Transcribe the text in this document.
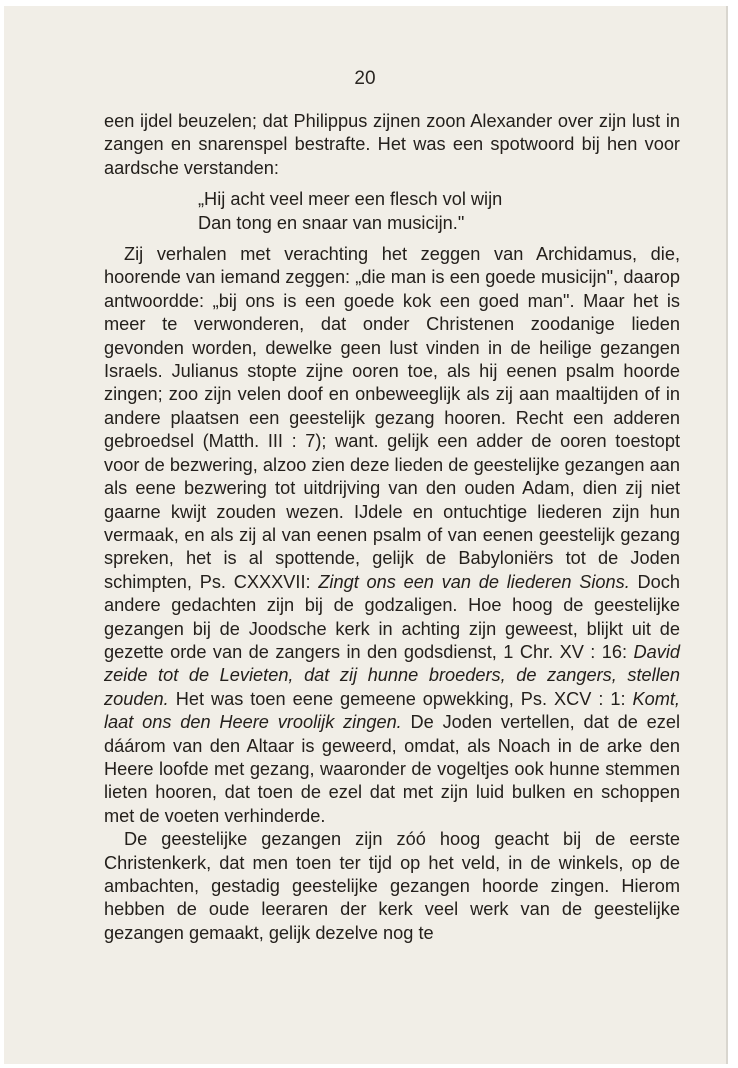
20

een ijdel beuzelen; dat Philippus zijnen zoon Alexander over zijn lust in zangen en snarenspel bestrafte. Het was een spotwoord bij hen voor aardsche verstanden:

„Hij acht veel meer een flesch vol wijn
Dan tong en snaar van musicijn."

Zij verhalen met verachting het zeggen van Archidamus, die, hoorende van iemand zeggen: „die man is een goede musicijn", daarop antwoordde: „bij ons is een goede kok een goed man". Maar het is meer te verwonderen, dat onder Christenen zoodanige lieden gevonden worden, dewelke geen lust vinden in de heilige gezangen Israels. Julianus stopte zijne ooren toe, als hij eenen psalm hoorde zingen; zoo zijn velen doof en onbeweeglijk als zij aan maaltijden of in andere plaatsen een geestelijk gezang hooren. Recht een adderen gebroedsel (Matth. III : 7); want. gelijk een adder de ooren toestopt voor de bezwering, alzoo zien deze lieden de geestelijke gezangen aan als eene bezwering tot uitdrijving van den ouden Adam, dien zij niet gaarne kwijt zouden wezen. IJdele en ontuchtige liederen zijn hun vermaak, en als zij al van eenen psalm of van eenen geestelijk gezang spreken, het is al spottende, gelijk de Babyloniërs tot de Joden schimpten, Ps. CXXXVII: Zingt ons een van de liederen Sions. Doch andere gedachten zijn bij de godzaligen. Hoe hoog de geestelijke gezangen bij de Joodsche kerk in achting zijn geweest, blijkt uit de gezette orde van de zangers in den godsdienst, 1 Chr. XV : 16: David zeide tot de Levieten, dat zij hunne broeders, de zangers, stellen zouden. Het was toen eene gemeene opwekking, Ps. XCV : 1: Komt, laat ons den Heere vroolijk zingen. De Joden vertellen, dat de ezel dáárom van den Altaar is geweerd, omdat, als Noach in de arke den Heere loofde met gezang, waaronder de vogeltjes ook hunne stemmen lieten hooren, dat toen de ezel dat met zijn luid bulken en schoppen met de voeten verhinderde.

De geestelijke gezangen zijn zóó hoog geacht bij de eerste Christenkerk, dat men toen ter tijd op het veld, in de winkels, op de ambachten, gestadig geestelijke gezangen hoorde zingen. Hierom hebben de oude leeraren der kerk veel werk van de geestelijke gezangen gemaakt, gelijk dezelve nog te
